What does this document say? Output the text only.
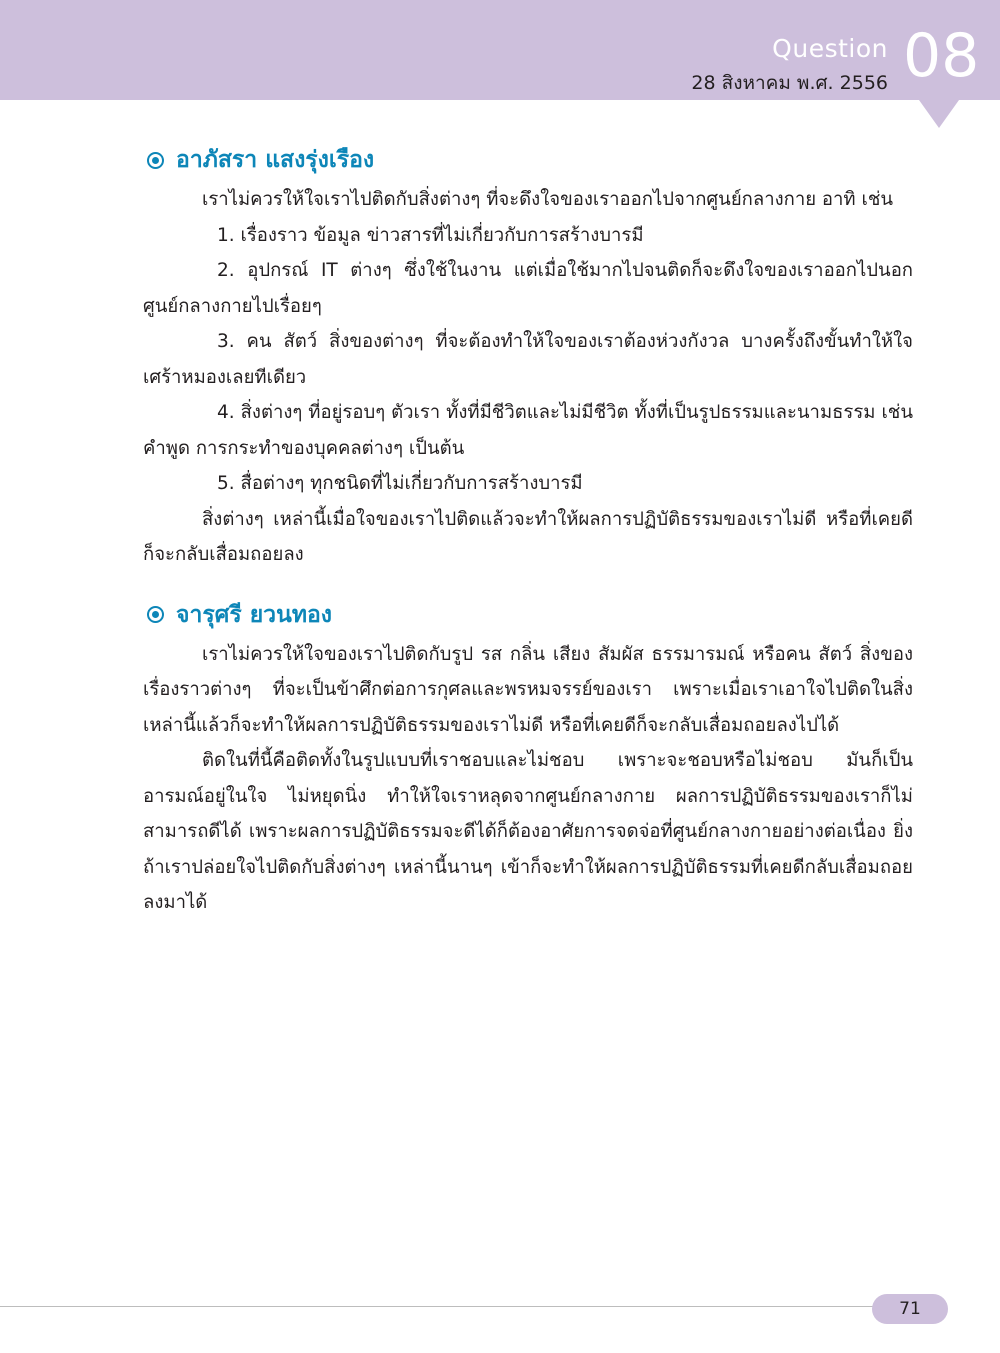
Question
28 สิงหาคม พ.ศ. 2556 08
อาภัสรา แสงรุ่งเรือง

เราไม่ควรให้ใจเราไปติดกับสิ่งต่างๆ ที่จะดึงใจของเราออกไปจากศูนย์กลางกาย อาทิ เช่น

1. เรื่องราว ข้อมูล ข่าวสารที่ไม่เกี่ยวกับการสร้างบารมี

2. อุปกรณ์ IT ต่างๆ ซึ่งใช้ในงาน แต่เมื่อใช้มากไปจนติดก็จะดึงใจของเราออกไปนอกศูนย์กลางกายไปเรื่อยๆ

3. คน สัตว์ สิ่งของต่างๆ ที่จะต้องทำให้ใจของเราต้องห่วงกังวล บางครั้งถึงขั้นทำให้ใจเศร้าหมองเลยทีเดียว

4. สิ่งต่างๆ ที่อยู่รอบๆ ตัวเรา ทั้งที่มีชีวิตและไม่มีชีวิต ทั้งที่เป็นรูปธรรมและนามธรรม เช่น คำพูด การกระทำของบุคคลต่างๆ เป็นต้น

5. สื่อต่างๆ ทุกชนิดที่ไม่เกี่ยวกับการสร้างบารมี

สิ่งต่างๆ เหล่านี้เมื่อใจของเราไปติดแล้วจะทำให้ผลการปฏิบัติธรรมของเราไม่ดี หรือที่เคยดีก็จะกลับเสื่อมถอยลง

จารุศรี ยวนทอง

เราไม่ควรให้ใจของเราไปติดกับรูป รส กลิ่น เสียง สัมผัส ธรรมารมณ์ หรือคน สัตว์ สิ่งของ เรื่องราวต่างๆ ที่จะเป็นข้าศึกต่อการกุศลและพรหมจรรย์ของเรา เพราะเมื่อเราเอาใจไปติดในสิ่งเหล่านี้แล้วก็จะทำให้ผลการปฏิบัติธรรมของเราไม่ดี หรือที่เคยดีก็จะกลับเสื่อมถอยลงไปได้

ติดในที่นี้คือติดทั้งในรูปแบบที่เราชอบและไม่ชอบ เพราะจะชอบหรือไม่ชอบ มันก็เป็นอารมณ์อยู่ในใจ ไม่หยุดนิ่ง ทำให้ใจเราหลุดจากศูนย์กลางกาย ผลการปฏิบัติธรรมของเราก็ไม่สามารถดีได้ เพราะผลการปฏิบัติธรรมจะดีได้ก็ต้องอาศัยการจดจ่อที่ศูนย์กลางกายอย่างต่อเนื่อง ยิ่งถ้าเราปล่อยใจไปติดกับสิ่งต่างๆ เหล่านี้นานๆ เข้าก็จะทำให้ผลการปฏิบัติธรรมที่เคยดีกลับเสื่อมถอยลงมาได้

71
